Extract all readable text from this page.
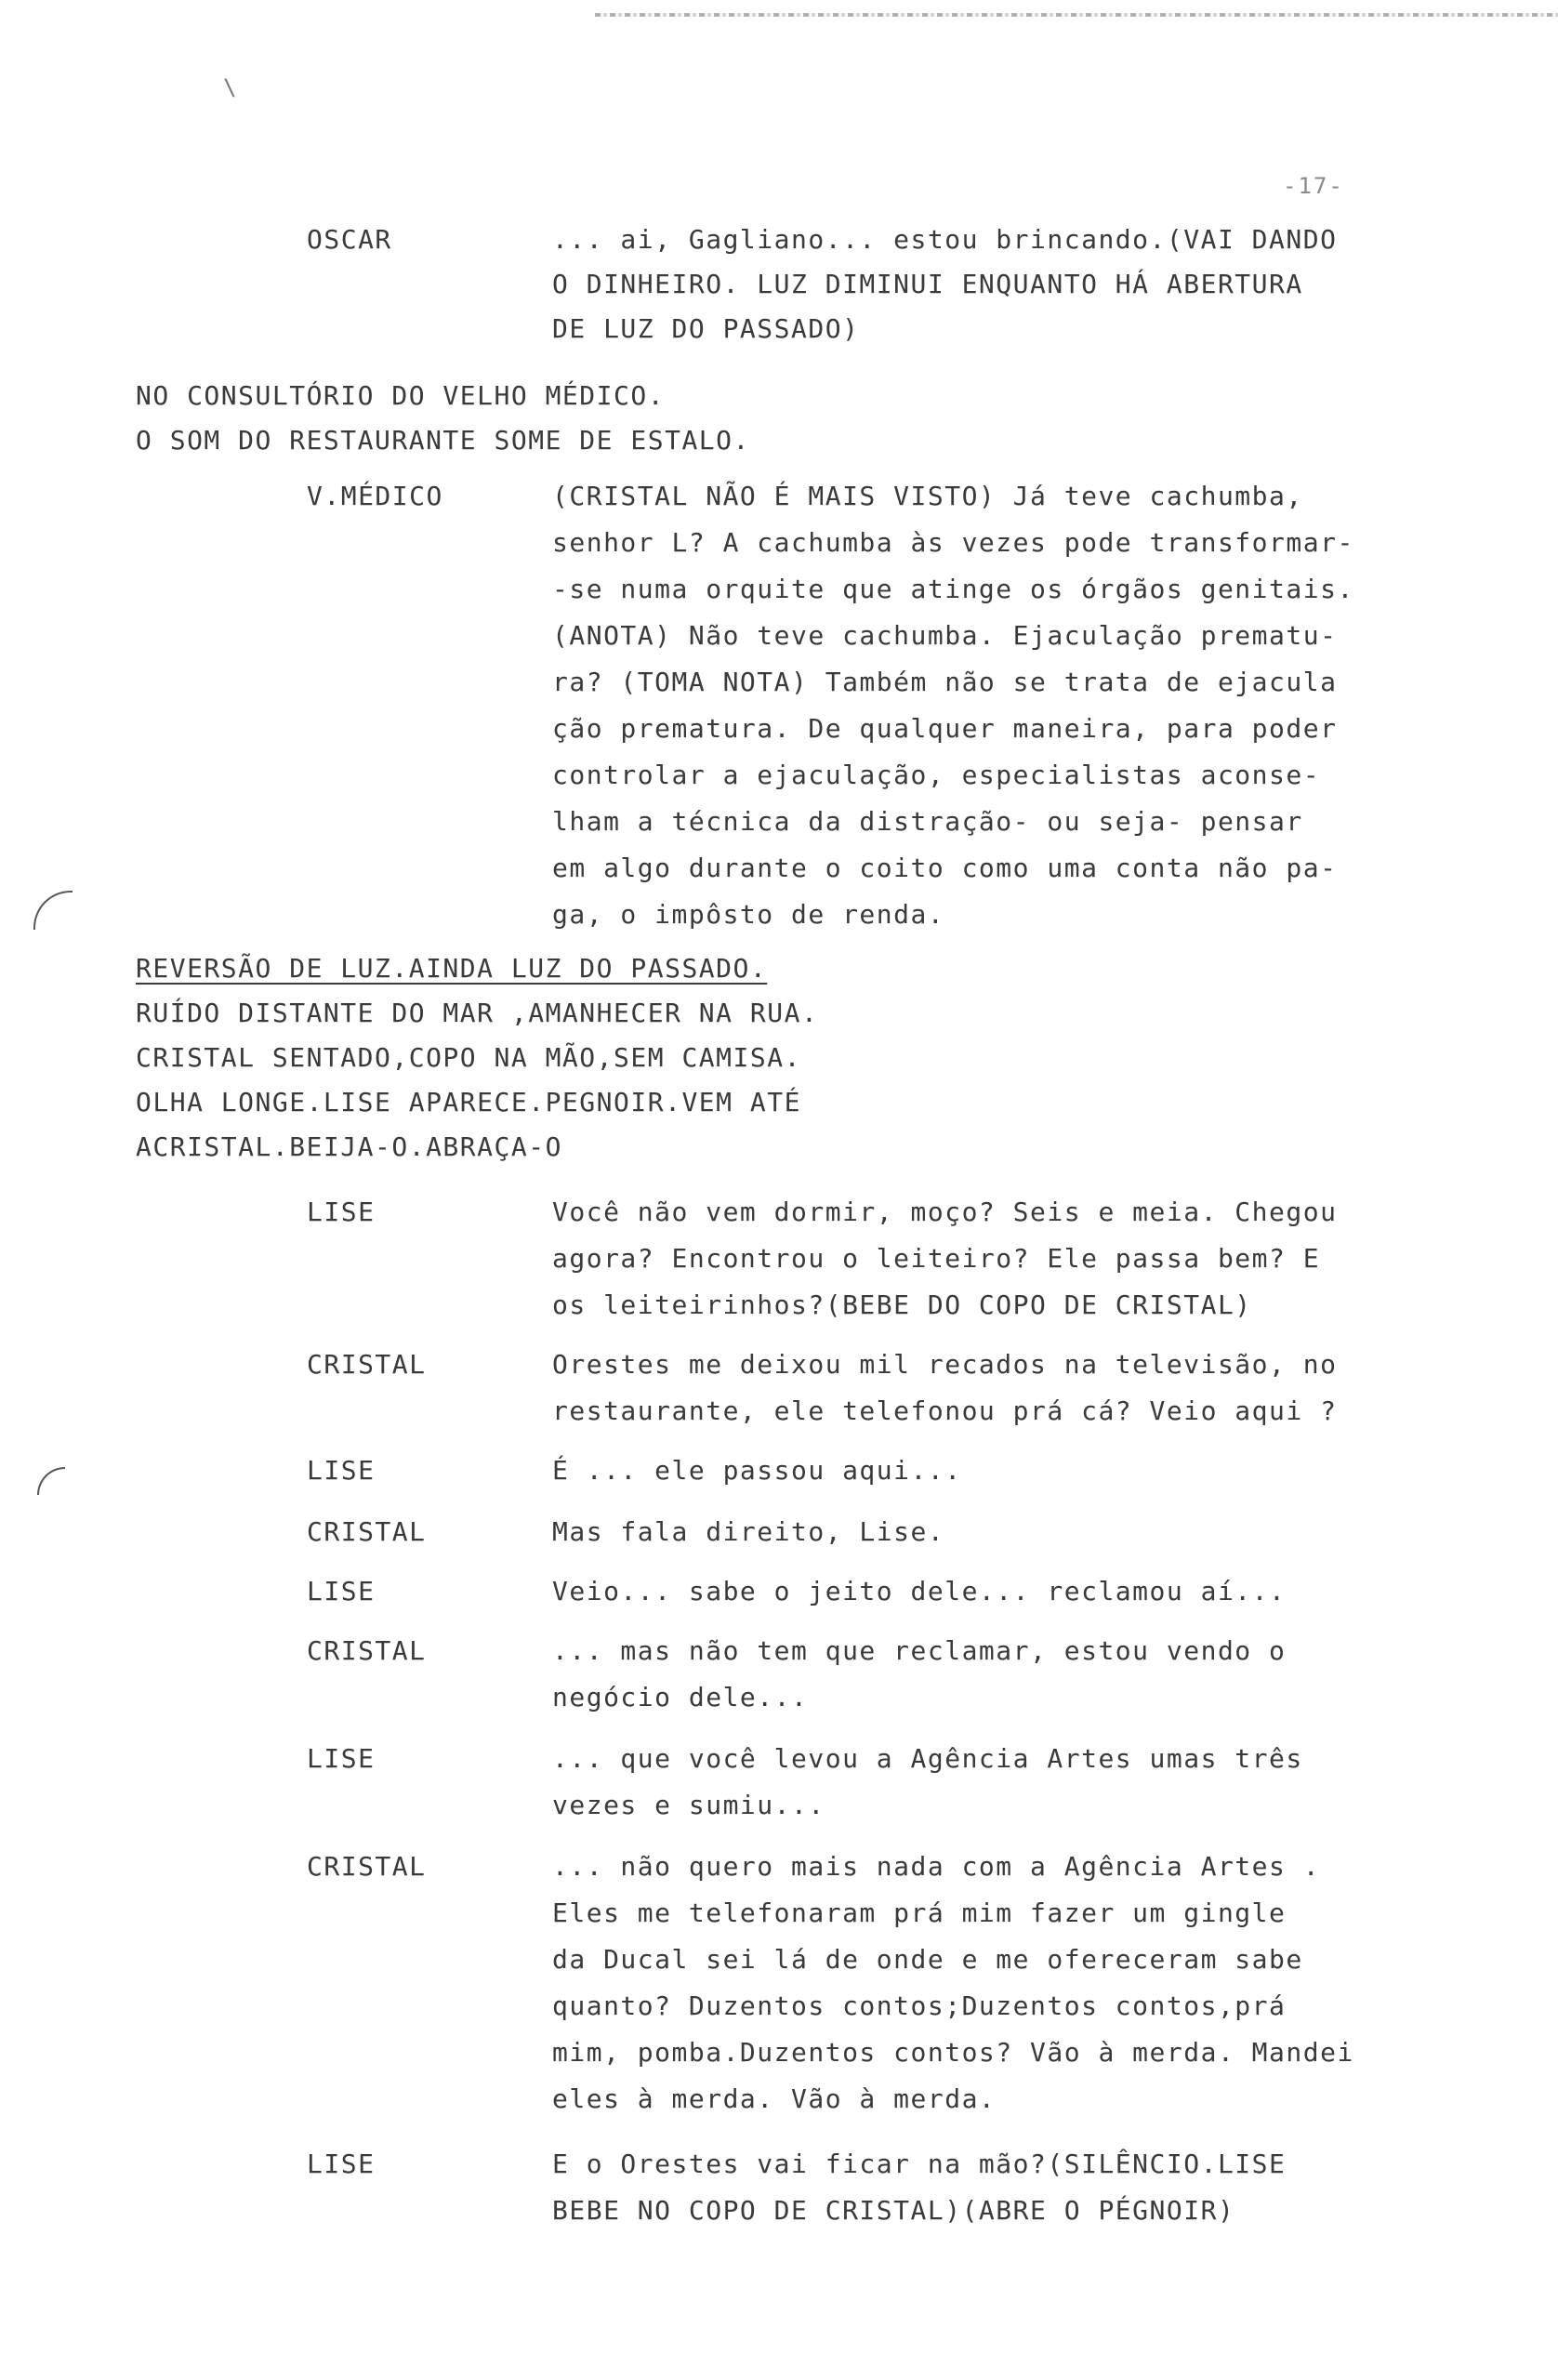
\
-17-
OSCAR	... ai, Gagliano... estou brincando.(VAI DANDO
O DINHEIRO. LUZ DIMINUI ENQUANTO HÁ ABERTURA
DE LUZ DO PASSADO)
NO CONSULTÓRIO DO VELHO MÉDICO.
O SOM DO RESTAURANTE SOME DE ESTALO.
V.MÉDICO	(CRISTAL NÃO É MAIS VISTO) Já teve cachumba,
senhor L? A cachumba às vezes pode transformar-
-se numa orquite que atinge os órgãos genitais.
(ANOTA) Não teve cachumba. Ejaculação prematu-
ra? (TOMA NOTA) Também não se trata de ejacula
ção prematura. De qualquer maneira, para poder
controlar a ejaculação, especialistas aconse-
lham a técnica da distração- ou seja- pensar
em algo durante o coito como uma conta não pa-
ga, o impôsto de renda.
REVERSÃO DE LUZ.AINDA LUZ DO PASSADO.
RUÍDO DISTANTE DO MAR ,AMANHECER NA RUA.
CRISTAL SENTADO,COPO NA MÃO,SEM CAMISA.
OLHA LONGE.LISE APARECE.PEGNOIR.VEM ATÉ
ACRISTAL.BEIJA-O.ABRAÇA-O
LISE	Você não vem dormir, moço? Seis e meia. Chegou
agora? Encontrou o leiteiro? Ele passa bem? E
os leiteirinhos?(BEBE DO COPO DE CRISTAL)
CRISTAL	Orestes me deixou mil recados na televisão, no
restaurante, ele telefonou prá cá? Veio aqui ?
LISE	É ... ele passou aqui...
CRISTAL	Mas fala direito, Lise.
LISE	Veio... sabe o jeito dele... reclamou aí...
CRISTAL	... mas não tem que reclamar, estou vendo o
negócio dele...
LISE	... que você levou a Agência Artes umas três
vezes e sumiu...
CRISTAL	... não quero mais nada com a Agência Artes .
Eles me telefonaram prá mim fazer um gingle
da Ducal sei lá de onde e me ofereceram sabe
quanto? Duzentos contos;Duzentos contos,prá
mim, pomba.Duzentos contos? Vão à merda. Mandei
eles à merda. Vão à merda.
LISE	E o Orestes vai ficar na mão?(SILÊNCIO.LISE
BEBE NO COPO DE CRISTAL)(ABRE O PÉGNOIR)
